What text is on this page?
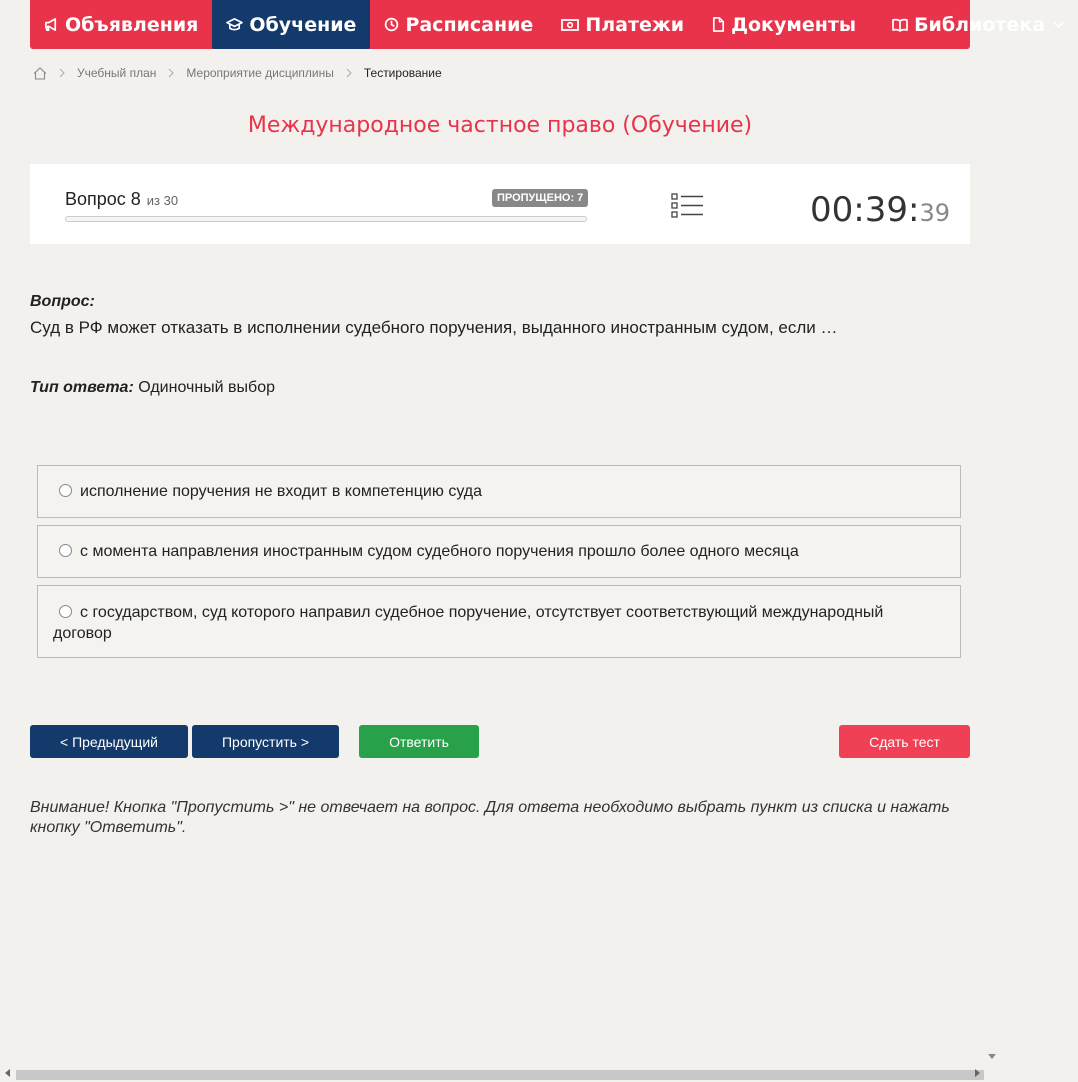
Объявления	Обучение	Расписание	Платежи Документы	Библиотека
Учебный план	Мероприятие дисциплины	Тестирование
Международное частное право (Обучение)
Вопрос 8 из 30	ПРОПУЩЕНО: 7	00:39:39
Вопрос:
Суд в РФ может отказать в исполнении судебного поручения, выданного иностранным судом, если …
Тип ответа: Одиночный выбор
исполнение поручения не входит в компетенцию суда
с момента направления иностранным судом судебного поручения прошло более одного месяца
с государством, суд которого направил судебное поручение, отсутствует соответствующий международный договор
< Предыдущий	Пропустить >	Ответить	Сдать тест
Внимание! Кнопка "Пропустить >" не отвечает на вопрос. Для ответа необходимо выбрать пункт из списка и нажать кнопку "Ответить".
